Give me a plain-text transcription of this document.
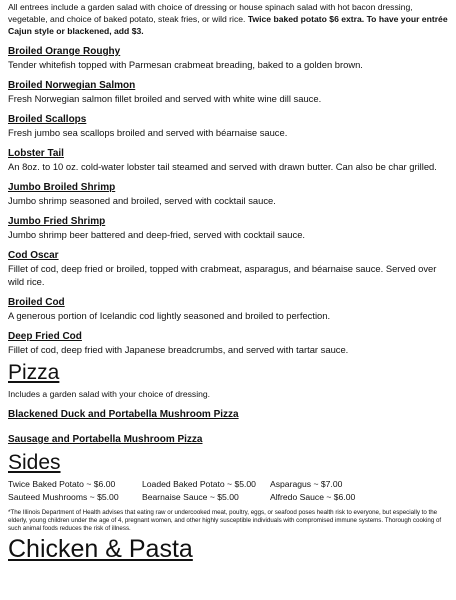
All entrees include a garden salad with choice of dressing or house spinach salad with hot bacon dressing, vegetable, and choice of baked potato, steak fries, or wild rice. Twice baked potato $6 extra. To have your entrée Cajun style or blackened, add $3.

Broiled Orange Roughy
Tender whitefish topped with Parmesan crabmeat breading, baked to a golden brown.
Broiled Norwegian Salmon
Fresh Norwegian salmon fillet broiled and served with white wine dill sauce.
Broiled Scallops
Fresh jumbo sea scallops broiled and served with béarnaise sauce.
Lobster Tail
An 8oz. to 10 oz. cold-water lobster tail steamed and served with drawn butter. Can also be char grilled.
Jumbo Broiled Shrimp
Jumbo shrimp seasoned and broiled, served with cocktail sauce.
Jumbo Fried Shrimp
Jumbo shrimp beer battered and deep-fried, served with cocktail sauce.
Cod Oscar
Fillet of cod, deep fried or broiled, topped with crabmeat, asparagus, and béarnaise sauce. Served over wild rice.
Broiled Cod
A generous portion of Icelandic cod lightly seasoned and broiled to perfection.
Deep Fried Cod
Fillet of cod, deep fried with Japanese breadcrumbs, and served with tartar sauce.
Pizza
Includes a garden salad with your choice of dressing.
Blackened Duck and Portabella Mushroom Pizza
Sausage and Portabella Mushroom Pizza
Sides
Twice Baked Potato ~ $6.00	Loaded Baked Potato ~ $5.00	Asparagus ~ $7.00
Sauteed Mushrooms ~ $5.00	Bearnaise Sauce ~ $5.00	Alfredo Sauce ~ $6.00
*The Illinois Department of Health advises that eating raw or undercooked meat, poultry, eggs, or seafood poses health risk to everyone, but especially to the elderly, young children under the age of 4, pregnant women, and other highly susceptible individuals with compromised immune systems. Thorough cooking of such animal foods reduces the risk of illness.
Chicken & Pasta
